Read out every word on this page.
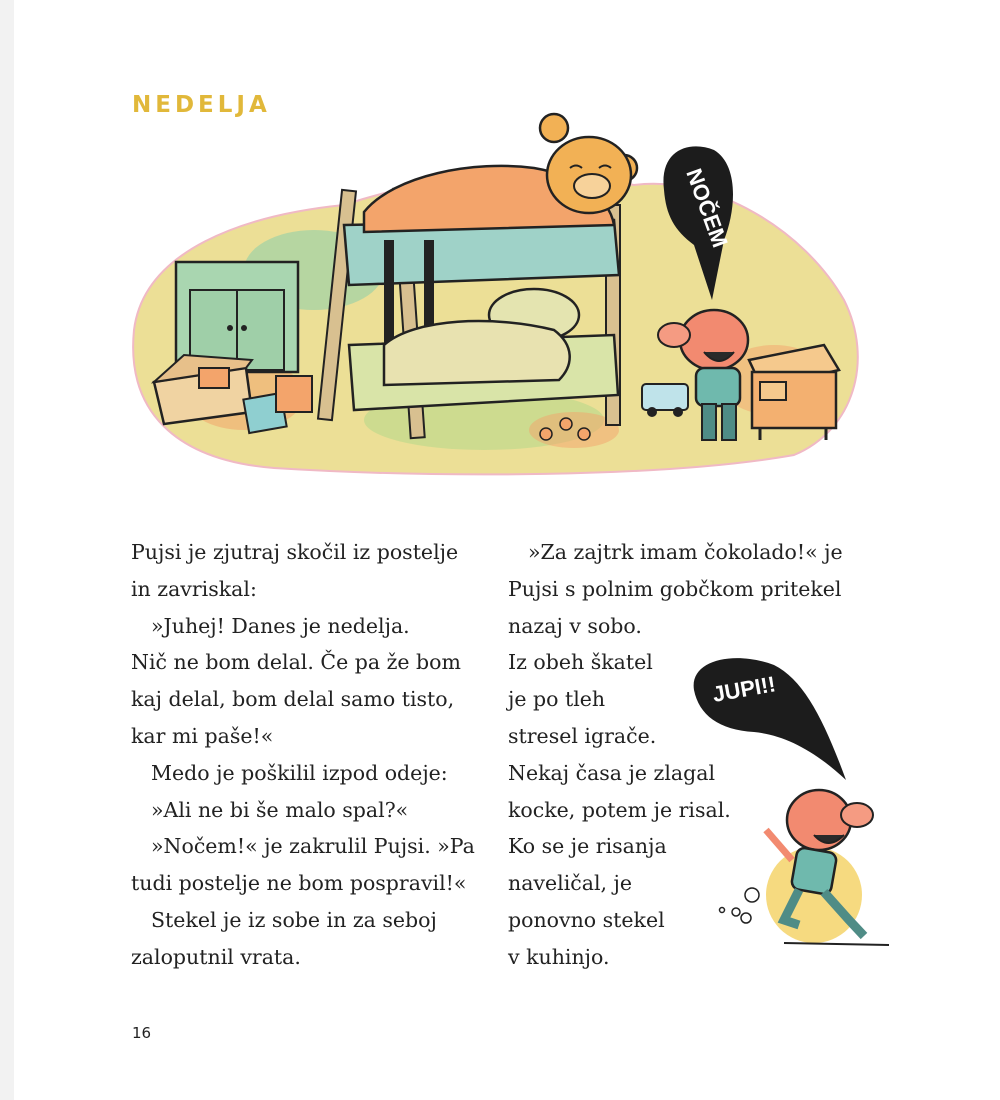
NEDELJA
NOČEM
Pujsi je zjutraj skočil iz postelje
in zavriskal:
»Juhej! Danes je nedelja.
Nič ne bom delal. Če pa že bom
kaj delal, bom delal samo tisto,
kar mi paše!«
Medo je poškilil izpod odeje:
»Ali ne bi še malo spal?«
»Nočem!« je zakrulil Pujsi. »Pa
tudi postelje ne bom pospravil!«
Stekel je iz sobe in za seboj
zaloputnil vrata.
»Za zajtrk imam čokolado!« je
Pujsi s polnim gobčkom pritekel
nazaj v sobo.
Iz obeh škatel
je po tleh
stresel igrače.
Nekaj časa je zlagal
kocke, potem je risal.
Ko se je risanja
naveličal, je
ponovno stekel
v kuhinjo.
JUPI!!
16
